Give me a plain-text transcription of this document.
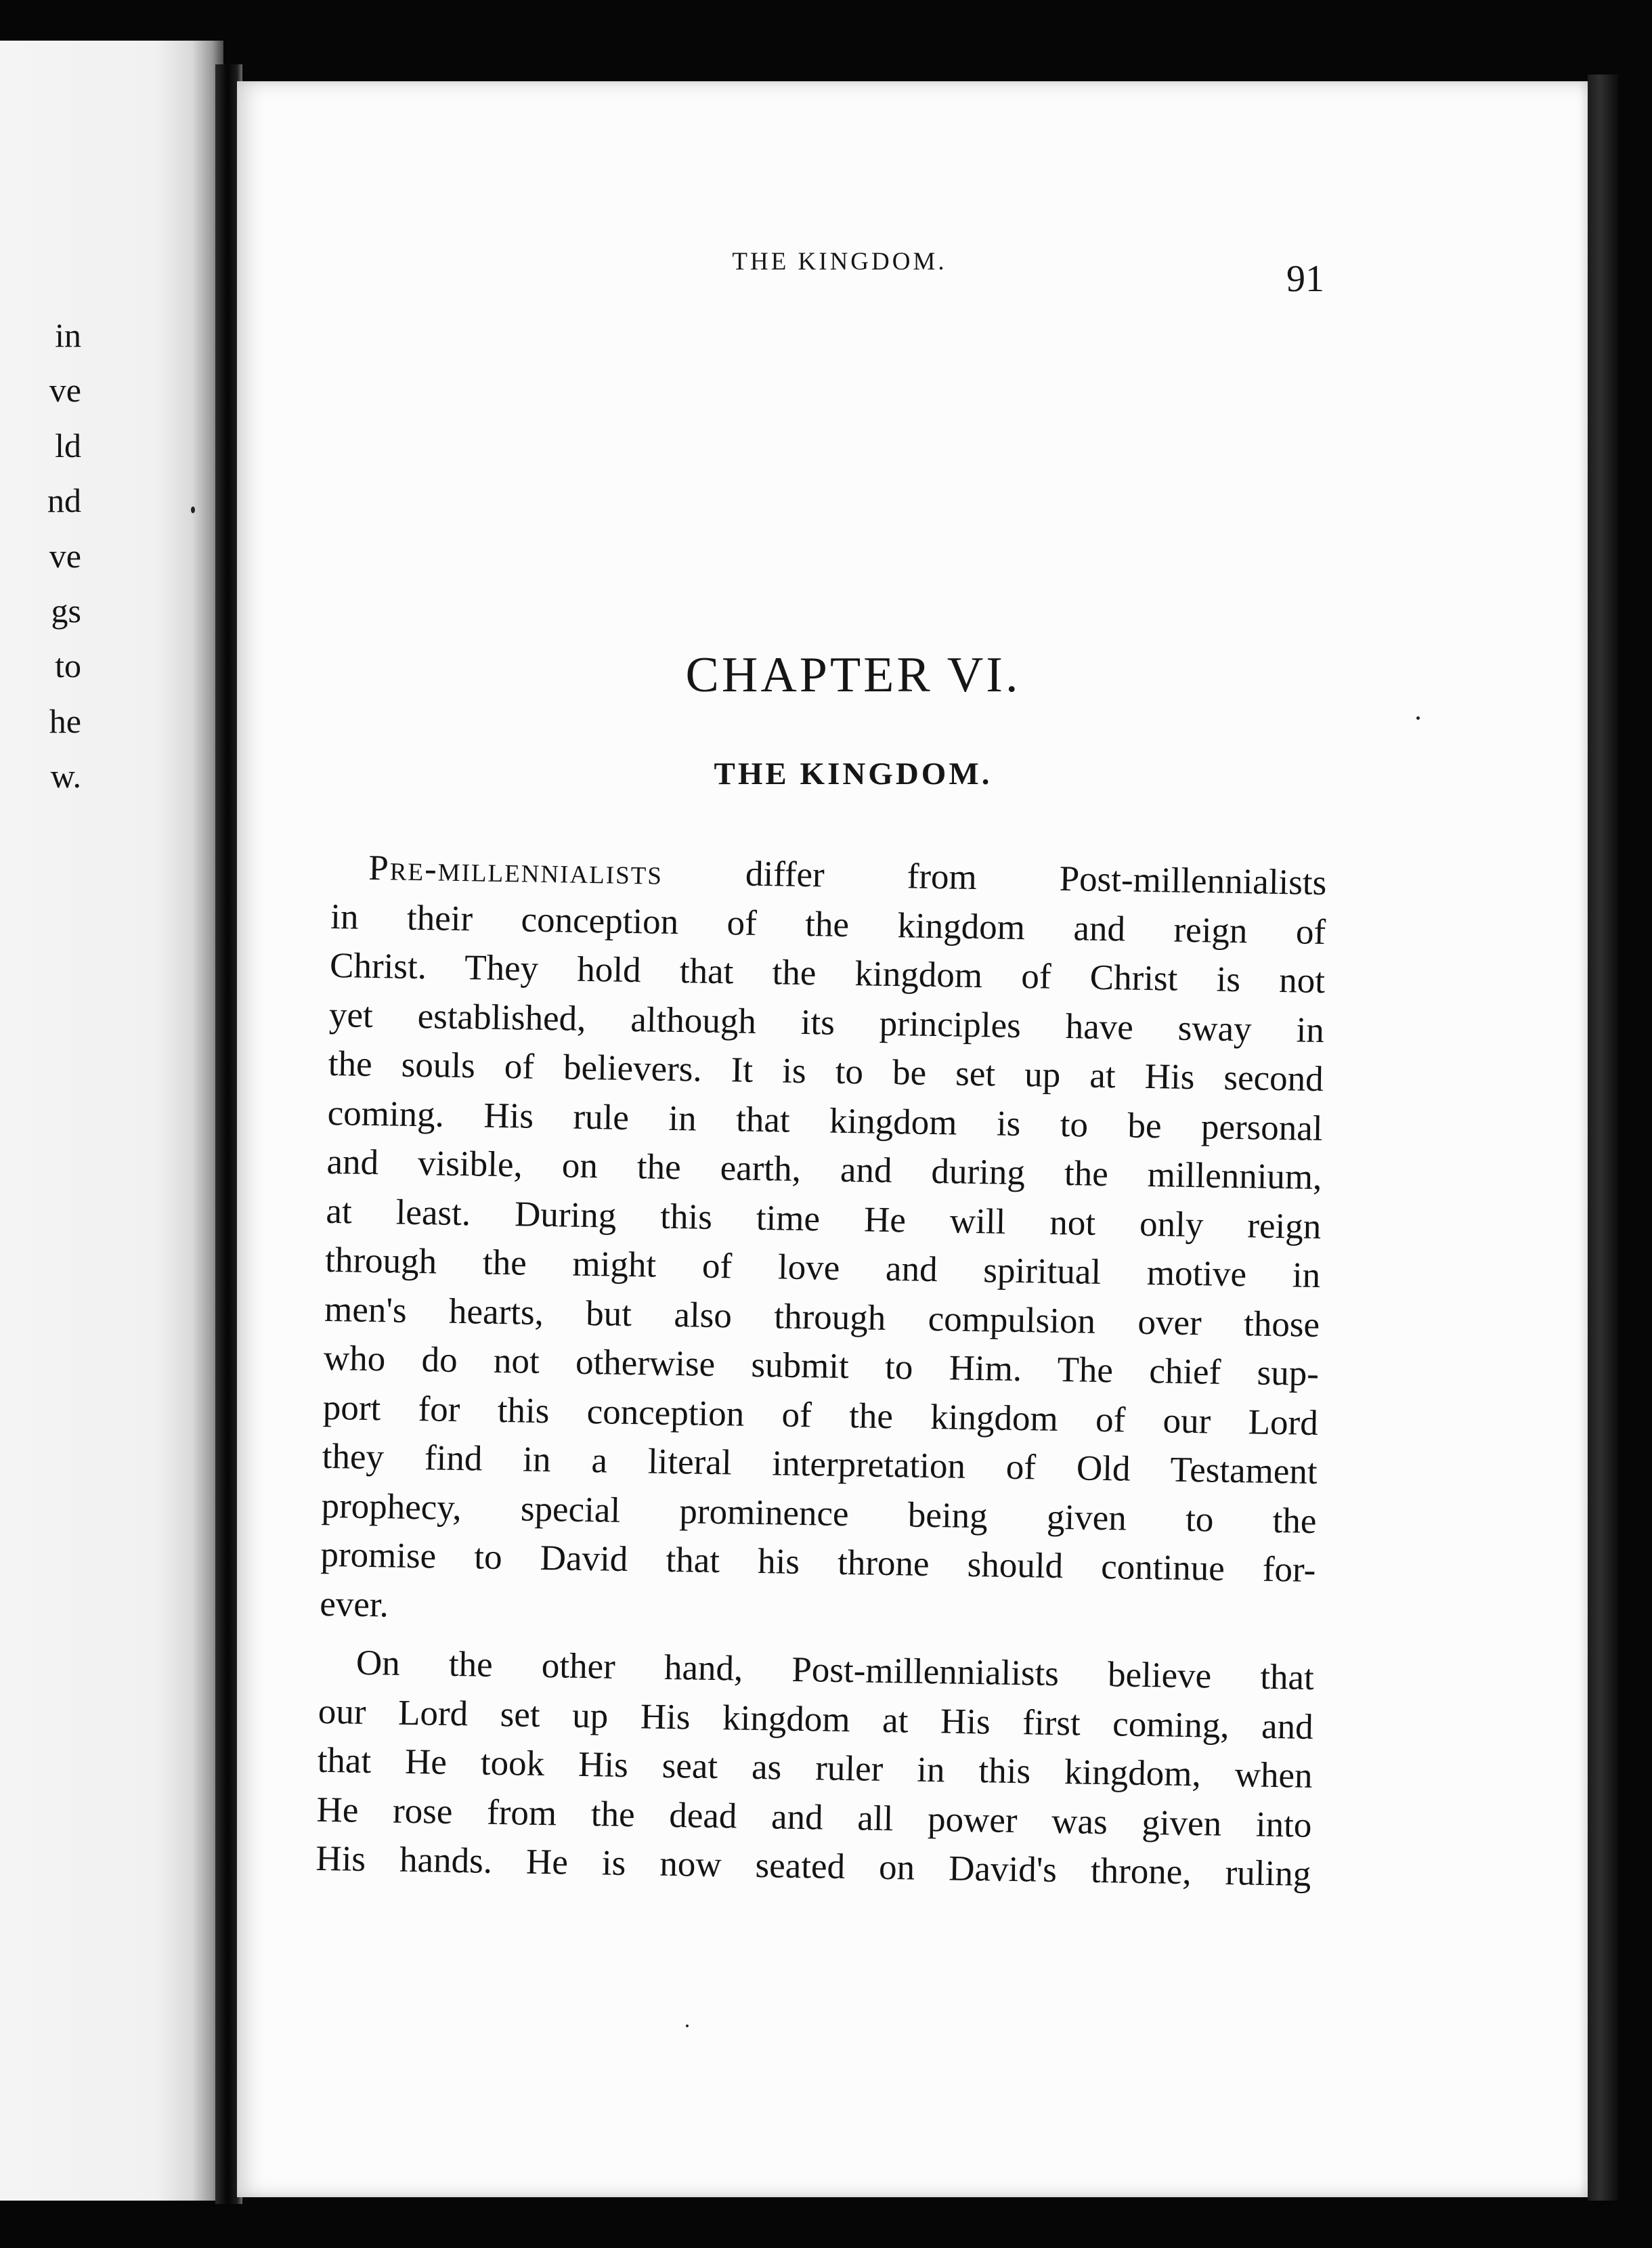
in
ve
ld
nd
ve
gs
to
he
w.
THE KINGDOM.	91
CHAPTER VI.
THE KINGDOM.

Pre-millennialists differ from Post-millennialists
in their conception of the kingdom and reign of
Christ. They hold that the kingdom of Christ is not
yet established, although its principles have sway in
the souls of believers. It is to be set up at His second
coming. His rule in that kingdom is to be personal
and visible, on the earth, and during the millennium,
at least. During this time He will not only reign
through the might of love and spiritual motive in
men's hearts, but also through compulsion over those
who do not otherwise submit to Him. The chief sup-
port for this conception of the kingdom of our Lord
they find in a literal interpretation of Old Testament
prophecy, special prominence being given to the
promise to David that his throne should continue for-
ever.

On the other hand, Post-millennialists believe that
our Lord set up His kingdom at His first coming, and
that He took His seat as ruler in this kingdom, when
He rose from the dead and all power was given into
His hands. He is now seated on David's throne, ruling
